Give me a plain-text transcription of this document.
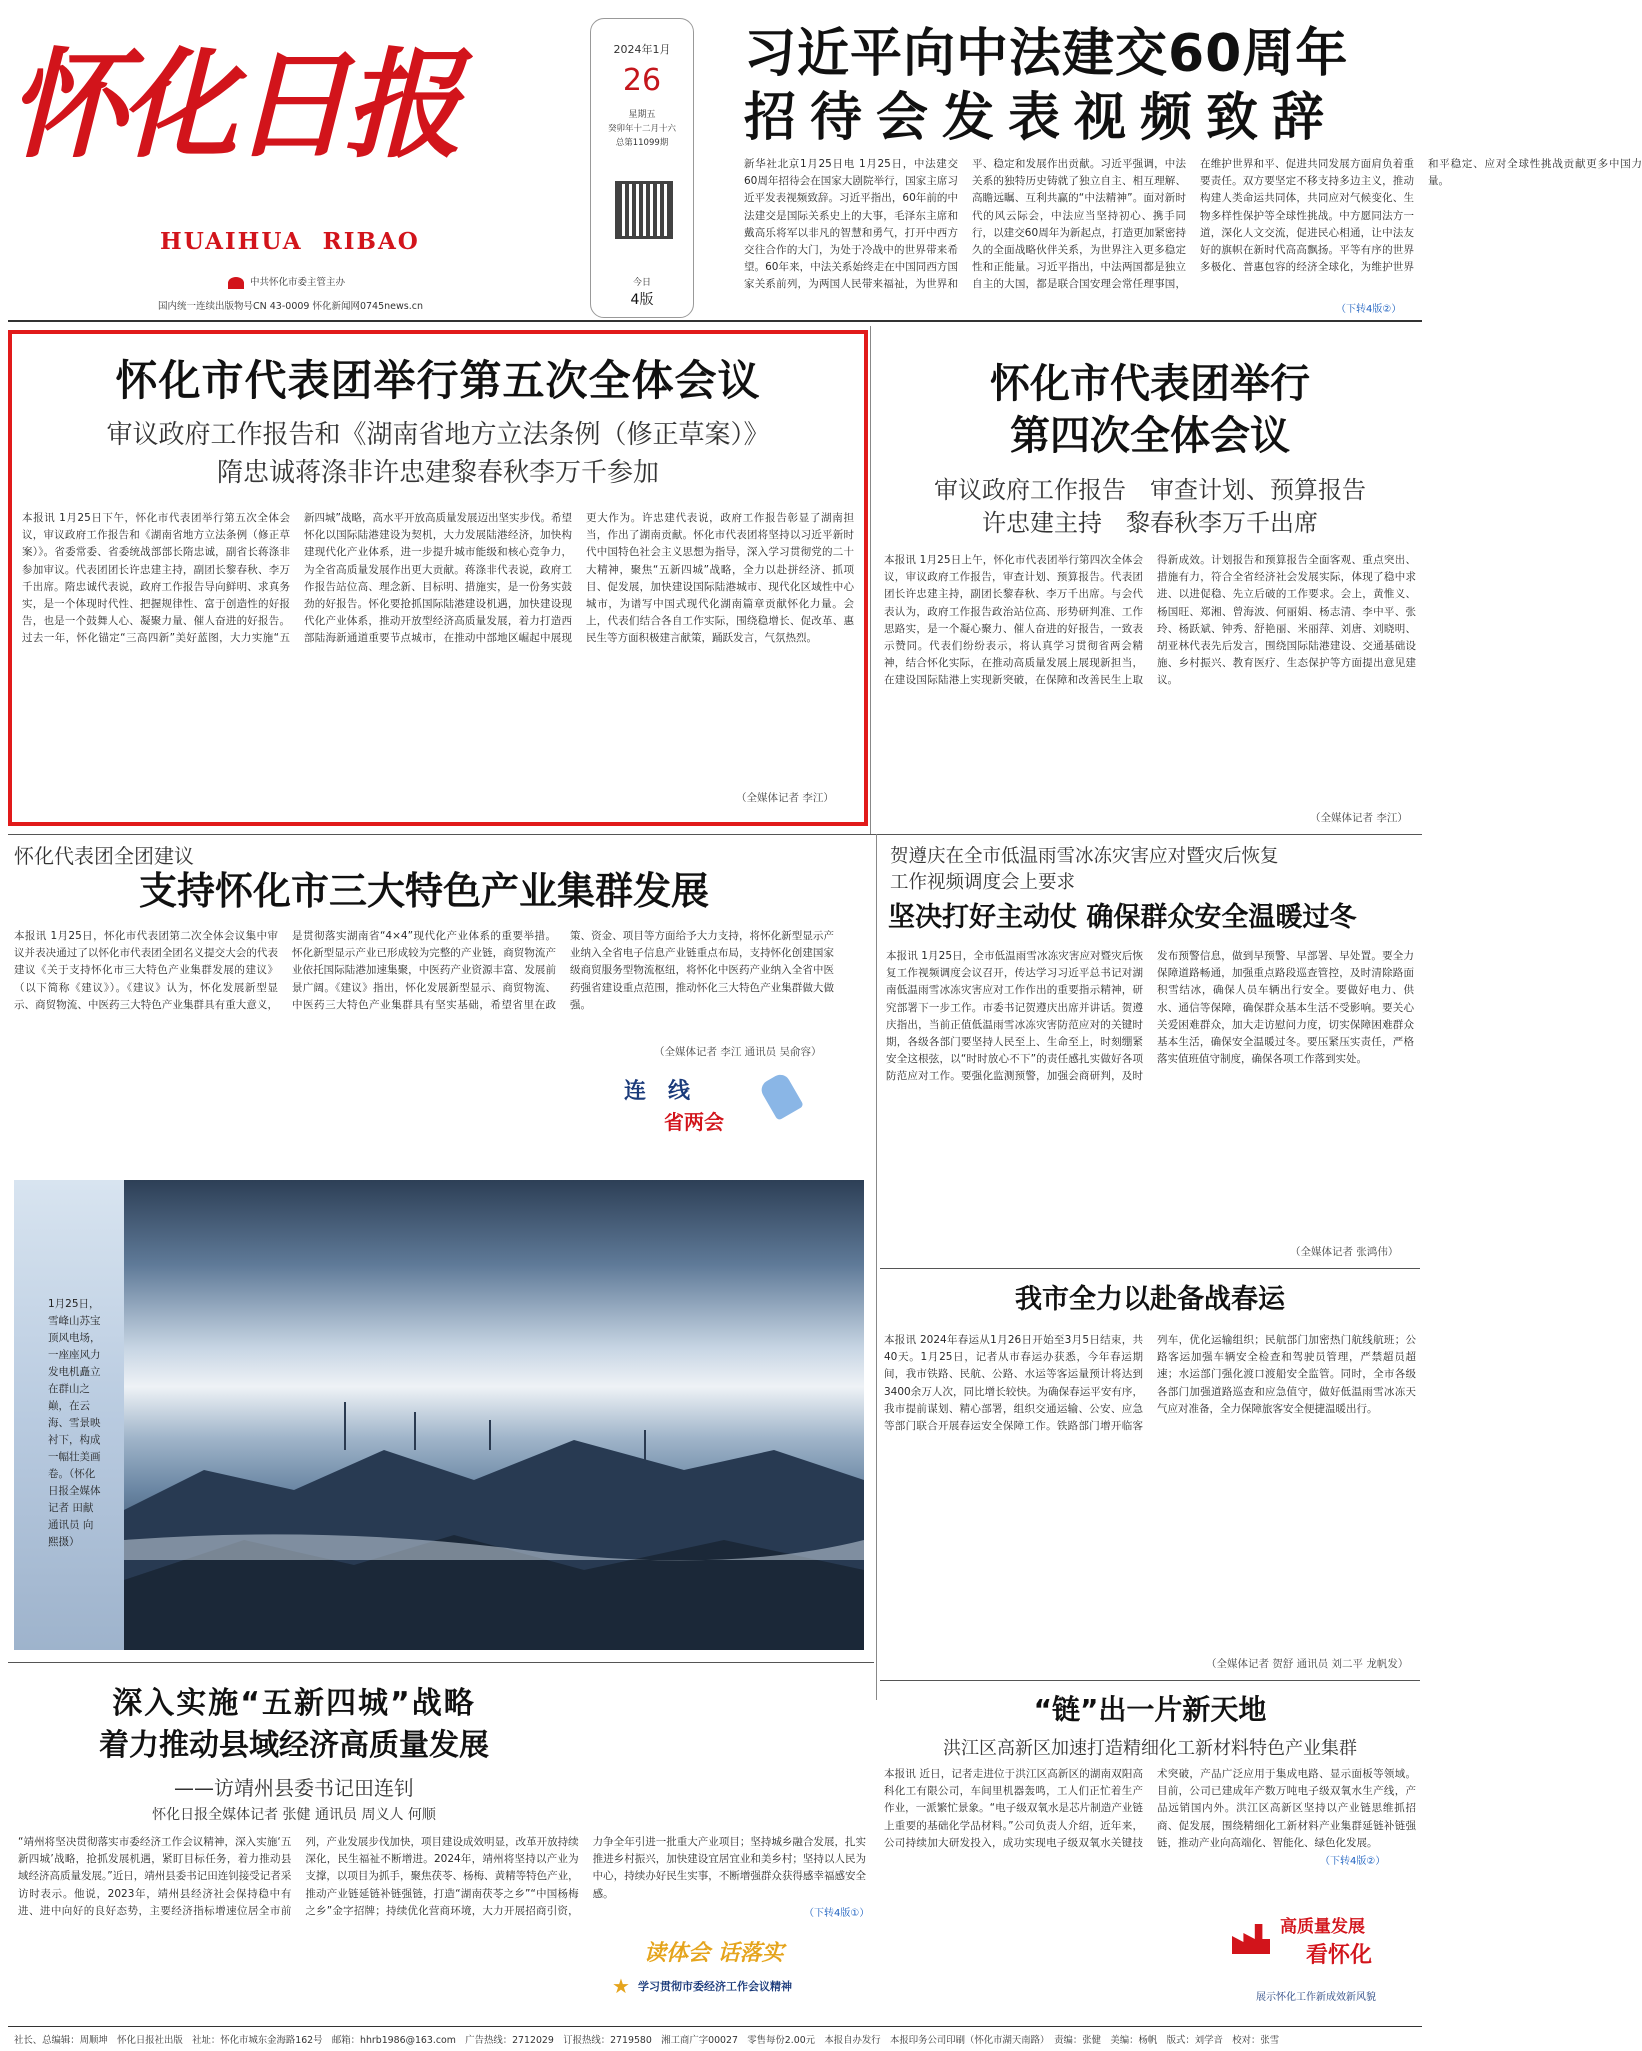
怀化日报
HUAIHUA  RIBAO
中共怀化市委主管主办
国内统一连续出版物号CN 43-0009 怀化新闻网0745news.cn
2024年1月
26
星期五
癸卯年十二月十六
总第11099期
今日
4版
习近平向中法建交60周年
招待会发表视频致辞
新华社北京1月25日电 1月25日，中法建交60周年招待会在国家大剧院举行，国家主席习近平发表视频致辞。习近平指出，60年前的中法建交是国际关系史上的大事，毛泽东主席和戴高乐将军以非凡的智慧和勇气，打开中西方交往合作的大门，为处于冷战中的世界带来希望。60年来，中法关系始终走在中国同西方国家关系前列，为两国人民带来福祉，为世界和平、稳定和发展作出贡献。习近平强调，中法关系的独特历史铸就了独立自主、相互理解、高瞻远瞩、互利共赢的“中法精神”。面对新时代的风云际会，中法应当坚持初心、携手同行，以建交60周年为新起点，打造更加紧密持久的全面战略伙伴关系，为世界注入更多稳定性和正能量。习近平指出，中法两国都是独立自主的大国，都是联合国安理会常任理事国，在维护世界和平、促进共同发展方面肩负着重要责任。双方要坚定不移支持多边主义，推动构建人类命运共同体，共同应对气候变化、生物多样性保护等全球性挑战。中方愿同法方一道，深化人文交流，促进民心相通，让中法友好的旗帜在新时代高高飘扬。平等有序的世界多极化、普惠包容的经济全球化，为维护世界和平稳定、应对全球性挑战贡献更多中国力量。
（下转4版②）
怀化市代表团举行第五次全体会议
审议政府工作报告和《湖南省地方立法条例（修正草案）》
隋忠诚蒋涤非许忠建黎春秋李万千参加
本报讯 1月25日下午，怀化市代表团举行第五次全体会议，审议政府工作报告和《湖南省地方立法条例（修正草案）》。省委常委、省委统战部部长隋忠诚，副省长蒋涤非参加审议。代表团团长许忠建主持，副团长黎春秋、李万千出席。隋忠诚代表说，政府工作报告导向鲜明、求真务实，是一个体现时代性、把握规律性、富于创造性的好报告，也是一个鼓舞人心、凝聚力量、催人奋进的好报告。过去一年，怀化锚定“三高四新”美好蓝图，大力实施“五新四城”战略，高水平开放高质量发展迈出坚实步伐。希望怀化以国际陆港建设为契机，大力发展陆港经济，加快构建现代化产业体系，进一步提升城市能级和核心竞争力，为全省高质量发展作出更大贡献。蒋涤非代表说，政府工作报告站位高、理念新、目标明、措施实，是一份务实鼓劲的好报告。怀化要抢抓国际陆港建设机遇，加快建设现代化产业体系，推动开放型经济高质量发展，着力打造西部陆海新通道重要节点城市，在推动中部地区崛起中展现更大作为。许忠建代表说，政府工作报告彰显了湖南担当，作出了湖南贡献。怀化市代表团将坚持以习近平新时代中国特色社会主义思想为指导，深入学习贯彻党的二十大精神，聚焦“五新四城”战略，全力以赴拼经济、抓项目、促发展，加快建设国际陆港城市、现代化区域性中心城市，为谱写中国式现代化湖南篇章贡献怀化力量。会上，代表们结合各自工作实际，围绕稳增长、促改革、惠民生等方面积极建言献策，踊跃发言，气氛热烈。
（全媒体记者 李江）
怀化市代表团举行
第四次全体会议
审议政府工作报告　审查计划、预算报告
许忠建主持　黎春秋李万千出席
本报讯 1月25日上午，怀化市代表团举行第四次全体会议，审议政府工作报告，审查计划、预算报告。代表团团长许忠建主持，副团长黎春秋、李万千出席。与会代表认为，政府工作报告政治站位高、形势研判准、工作思路实，是一个凝心聚力、催人奋进的好报告，一致表示赞同。代表们纷纷表示，将认真学习贯彻省两会精神，结合怀化实际，在推动高质量发展上展现新担当，在建设国际陆港上实现新突破，在保障和改善民生上取得新成效。计划报告和预算报告全面客观、重点突出、措施有力，符合全省经济社会发展实际，体现了稳中求进、以进促稳、先立后破的工作要求。会上，黄惟义、杨国旺、郑湘、曾海波、何丽娟、杨志清、李中平、张玲、杨跃斌、钟秀、舒艳丽、米丽萍、刘唐、刘晓明、胡亚林代表先后发言，围绕国际陆港建设、交通基础设施、乡村振兴、教育医疗、生态保护等方面提出意见建议。
（全媒体记者 李江）
怀化代表团全团建议
支持怀化市三大特色产业集群发展
本报讯 1月25日，怀化市代表团第二次全体会议集中审议并表决通过了以怀化市代表团全团名义提交大会的代表建议《关于支持怀化市三大特色产业集群发展的建议》（以下简称《建议》）。《建议》认为，怀化发展新型显示、商贸物流、中医药三大特色产业集群具有重大意义，是贯彻落实湖南省“4×4”现代化产业体系的重要举措。怀化新型显示产业已形成较为完整的产业链，商贸物流产业依托国际陆港加速集聚，中医药产业资源丰富、发展前景广阔。《建议》指出，怀化发展新型显示、商贸物流、中医药三大特色产业集群具有坚实基础，希望省里在政策、资金、项目等方面给予大力支持，将怀化新型显示产业纳入全省电子信息产业链重点布局，支持怀化创建国家级商贸服务型物流枢纽，将怀化中医药产业纳入全省中医药强省建设重点范围，推动怀化三大特色产业集群做大做强。
（全媒体记者 李江 通讯员 吴俞容）
连　线
省两会
贺遵庆在全市低温雨雪冰冻灾害应对暨灾后恢复
工作视频调度会上要求
坚决打好主动仗 确保群众安全温暖过冬
本报讯 1月25日，全市低温雨雪冰冻灾害应对暨灾后恢复工作视频调度会议召开，传达学习习近平总书记对湖南低温雨雪冰冻灾害应对工作作出的重要指示精神，研究部署下一步工作。市委书记贺遵庆出席并讲话。贺遵庆指出，当前正值低温雨雪冰冻灾害防范应对的关键时期，各级各部门要坚持人民至上、生命至上，时刻绷紧安全这根弦，以“时时放心不下”的责任感扎实做好各项防范应对工作。要强化监测预警，加强会商研判，及时发布预警信息，做到早预警、早部署、早处置。要全力保障道路畅通，加强重点路段巡查管控，及时清除路面积雪结冰，确保人员车辆出行安全。要做好电力、供水、通信等保障，确保群众基本生活不受影响。要关心关爱困难群众，加大走访慰问力度，切实保障困难群众基本生活，确保安全温暖过冬。要压紧压实责任，严格落实值班值守制度，确保各项工作落到实处。
（全媒体记者 张鸿伟）
1月25日，雪峰山苏宝顶风电场，一座座风力发电机矗立在群山之巅，在云海、雪景映衬下，构成一幅壮美画卷。（怀化日报全媒体记者 田献 通讯员 向熙摄）
我市全力以赴备战春运
本报讯 2024年春运从1月26日开始至3月5日结束，共40天。1月25日，记者从市春运办获悉，今年春运期间，我市铁路、民航、公路、水运等客运量预计将达到3400余万人次，同比增长较快。为确保春运平安有序，我市提前谋划、精心部署，组织交通运输、公安、应急等部门联合开展春运安全保障工作。铁路部门增开临客列车，优化运输组织；民航部门加密热门航线航班；公路客运加强车辆安全检查和驾驶员管理，严禁超员超速；水运部门强化渡口渡船安全监管。同时，全市各级各部门加强道路巡查和应急值守，做好低温雨雪冰冻天气应对准备，全力保障旅客安全便捷温暖出行。
（全媒体记者 贺舒 通讯员 刘二平 龙帆发）
深入实施“五新四城”战略
着力推动县域经济高质量发展
——访靖州县委书记田连钊
怀化日报全媒体记者 张健 通讯员 周义人 何顺
“靖州将坚决贯彻落实市委经济工作会议精神，深入实施‘五新四城’战略，抢抓发展机遇，紧盯目标任务，着力推动县域经济高质量发展。”近日，靖州县委书记田连钊接受记者采访时表示。他说，2023年，靖州县经济社会保持稳中有进、进中向好的良好态势，主要经济指标增速位居全市前列，产业发展步伐加快，项目建设成效明显，改革开放持续深化，民生福祉不断增进。2024年，靖州将坚持以产业为支撑，以项目为抓手，聚焦茯苓、杨梅、黄精等特色产业，推动产业链延链补链强链，打造“湖南茯苓之乡”“中国杨梅之乡”金字招牌；持续优化营商环境，大力开展招商引资，力争全年引进一批重大产业项目；坚持城乡融合发展，扎实推进乡村振兴，加快建设宜居宜业和美乡村；坚持以人民为中心，持续办好民生实事，不断增强群众获得感幸福感安全感。
（下转4版①）
读体会 话落实
★ 学习贯彻市委经济工作会议精神
“链”出一片新天地
洪江区高新区加速打造精细化工新材料特色产业集群
本报讯 近日，记者走进位于洪江区高新区的湖南双阳高科化工有限公司，车间里机器轰鸣，工人们正忙着生产作业，一派繁忙景象。“电子级双氧水是芯片制造产业链上重要的基础化学品材料。”公司负责人介绍，近年来，公司持续加大研发投入，成功实现电子级双氧水关键技术突破，产品广泛应用于集成电路、显示面板等领域。目前，公司已建成年产数万吨电子级双氧水生产线，产品远销国内外。洪江区高新区坚持以产业链思维抓招商、促发展，围绕精细化工新材料产业集群延链补链强链，推动产业向高端化、智能化、绿色化发展。
（下转4版②）
高质量发展
看怀化
展示怀化工作新成效新风貌
社长、总编辑：周顺坤　怀化日报社出版　社址：怀化市城东金海路162号　邮箱：hhrb1986@163.com　广告热线：2712029　订报热线：2719580　湘工商广字00027　零售每份2.00元　本报自办发行　本报印务公司印刷（怀化市湖天南路）　责编：张健　美编：杨帆　版式：刘学音　校对：张雪
